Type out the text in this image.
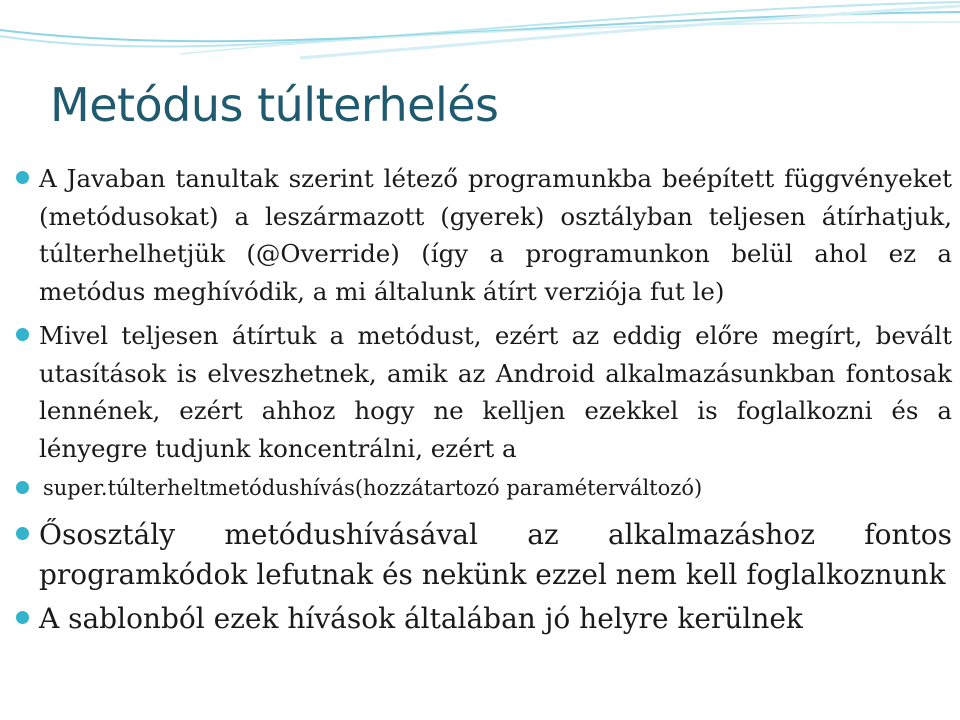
Metódus túlterhelés
A Javaban tanultak szerint létező programunkba beépített függvényeket (metódusokat) a leszármazott (gyerek) osztályban teljesen átírhatjuk, túlterhelhetjük (@Override) (így a programunkon belül ahol ez a metódus meghívódik, a mi általunk átírt verziója fut le)
Mivel teljesen átírtuk a metódust, ezért az eddig előre megírt, bevált utasítások is elveszhetnek, amik az Android alkalmazásunkban fontosak lennének, ezért ahhoz hogy ne kelljen ezekkel is foglalkozni és a lényegre tudjunk koncentrálni, ezért a
super.túlterheltmetódushívás(hozzátartozó paraméterváltozó)
Ősosztály metódushívásával az alkalmazáshoz fontos programkódok lefutnak és nekünk ezzel nem kell foglalkoznunk
A sablonból ezek hívások általában jó helyre kerülnek
